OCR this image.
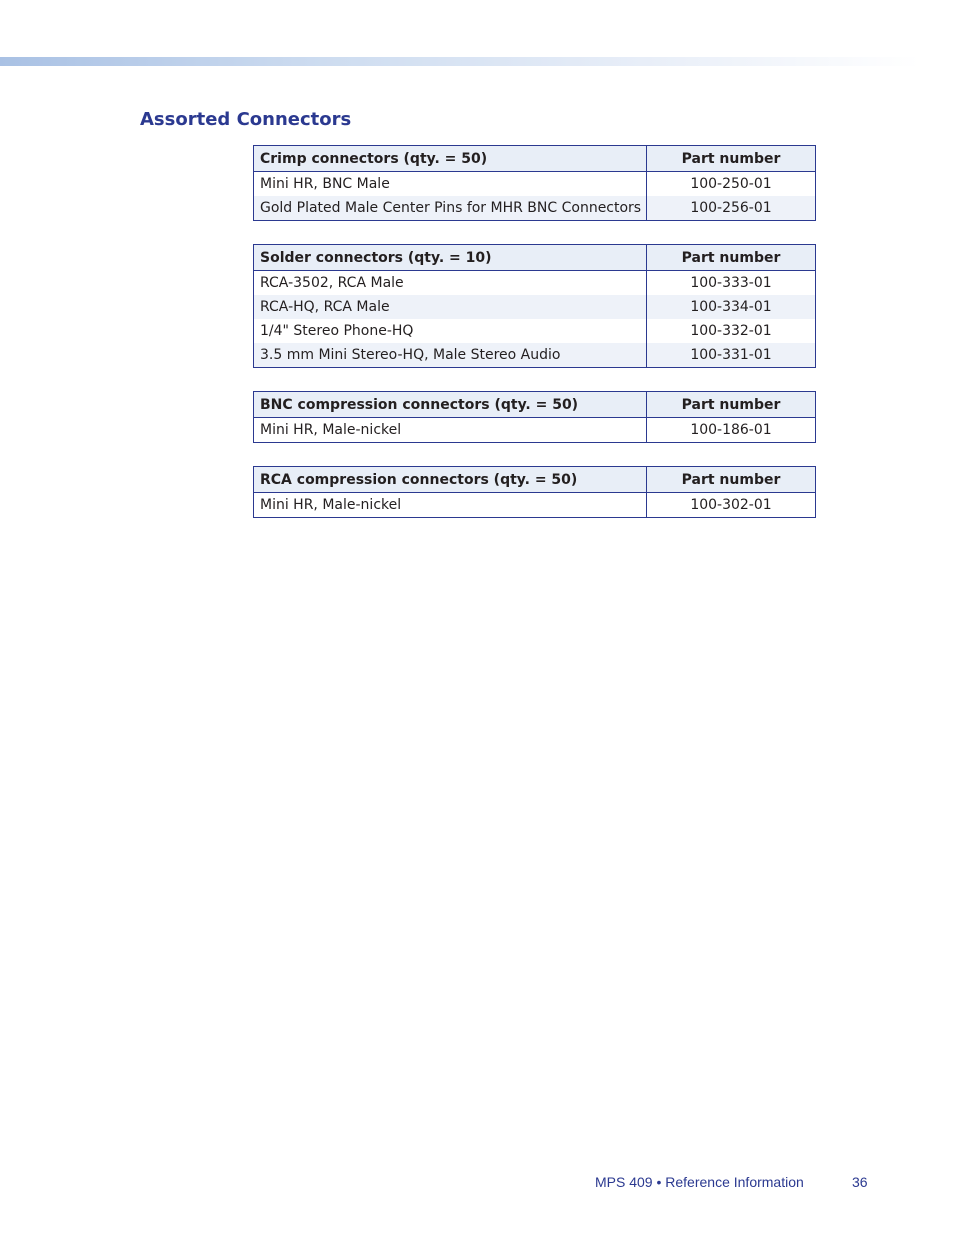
Assorted Connectors
Crimp connectors (qty. = 50)	Part number
Mini HR, BNC Male	100-250-01
Gold Plated Male Center Pins for MHR BNC Connectors	100-256-01
Solder connectors (qty. = 10)	Part number
RCA-3502, RCA Male	100-333-01
RCA-HQ, RCA Male	100-334-01
1/4" Stereo Phone-HQ	100-332-01
3.5 mm Mini Stereo-HQ, Male Stereo Audio	100-331-01
BNC compression connectors (qty. = 50)	Part number
Mini HR, Male-nickel	100-186-01
RCA compression connectors (qty. = 50)	Part number
Mini HR, Male-nickel	100-302-01
MPS 409 • Reference Information	36
